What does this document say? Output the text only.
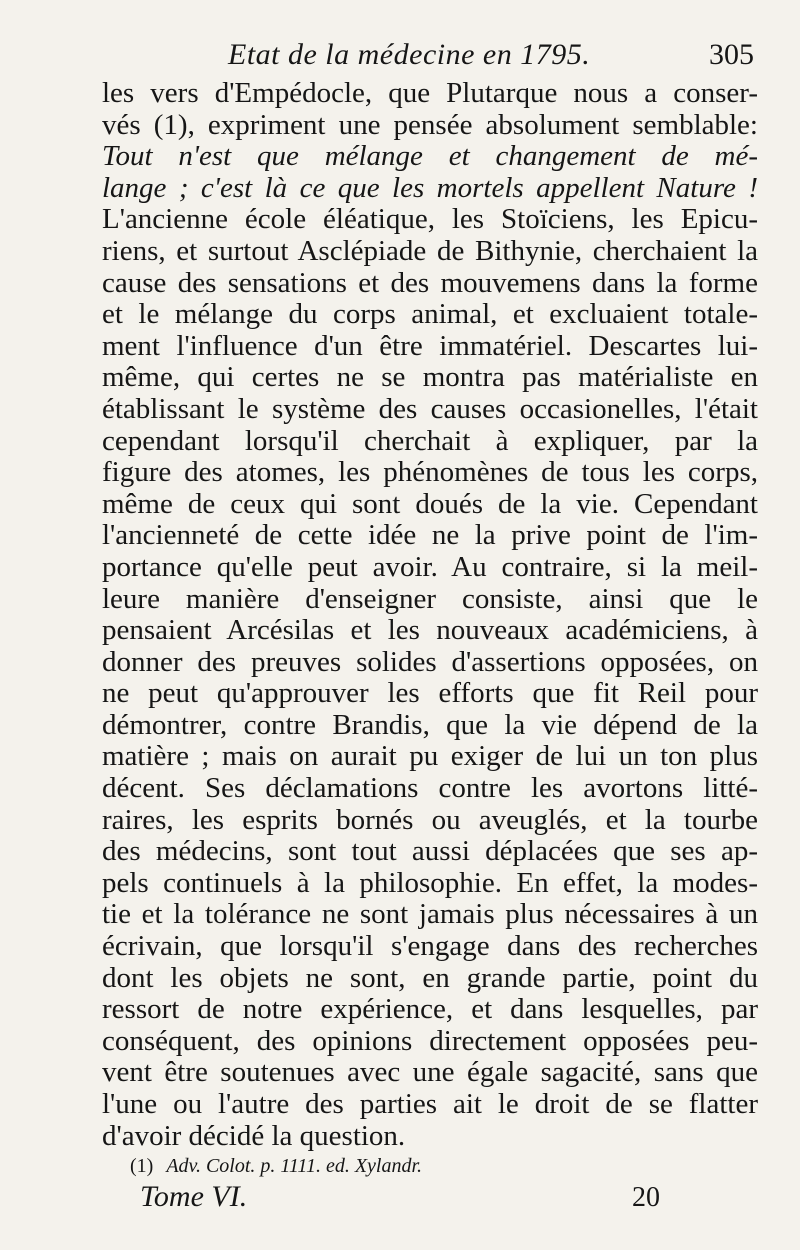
Etat de la médecine en 1795.	305
les vers d'Empédocle, que Plutarque nous a conser-
vés (1), expriment une pensée absolument semblable:
Tout n'est que mélange et changement de mé-
lange ; c'est là ce que les mortels appellent Nature !
L'ancienne école éléatique, les Stoïciens, les Epicu-
riens, et surtout Asclépiade de Bithynie, cherchaient la
cause des sensations et des mouvemens dans la forme
et le mélange du corps animal, et excluaient totale-
ment l'influence d'un être immatériel. Descartes lui-
même, qui certes ne se montra pas matérialiste en
établissant le système des causes occasionelles, l'était
cependant lorsqu'il cherchait à expliquer, par la
figure des atomes, les phénomènes de tous les corps,
même de ceux qui sont doués de la vie. Cependant
l'ancienneté de cette idée ne la prive point de l'im-
portance qu'elle peut avoir. Au contraire, si la meil-
leure manière d'enseigner consiste, ainsi que le
pensaient Arcésilas et les nouveaux académiciens, à
donner des preuves solides d'assertions opposées, on
ne peut qu'approuver les efforts que fit Reil pour
démontrer, contre Brandis, que la vie dépend de la
matière ; mais on aurait pu exiger de lui un ton plus
décent. Ses déclamations contre les avortons litté-
raires, les esprits bornés ou aveuglés, et la tourbe
des médecins, sont tout aussi déplacées que ses ap-
pels continuels à la philosophie. En effet, la modes-
tie et la tolérance ne sont jamais plus nécessaires à un
écrivain, que lorsqu'il s'engage dans des recherches
dont les objets ne sont, en grande partie, point du
ressort de notre expérience, et dans lesquelles, par
conséquent, des opinions directement opposées peu-
vent être soutenues avec une égale sagacité, sans que
l'une ou l'autre des parties ait le droit de se flatter
d'avoir décidé la question.
(1) Adv. Colot. p. 1111. ed. Xylandr.
Tome VI.	20
